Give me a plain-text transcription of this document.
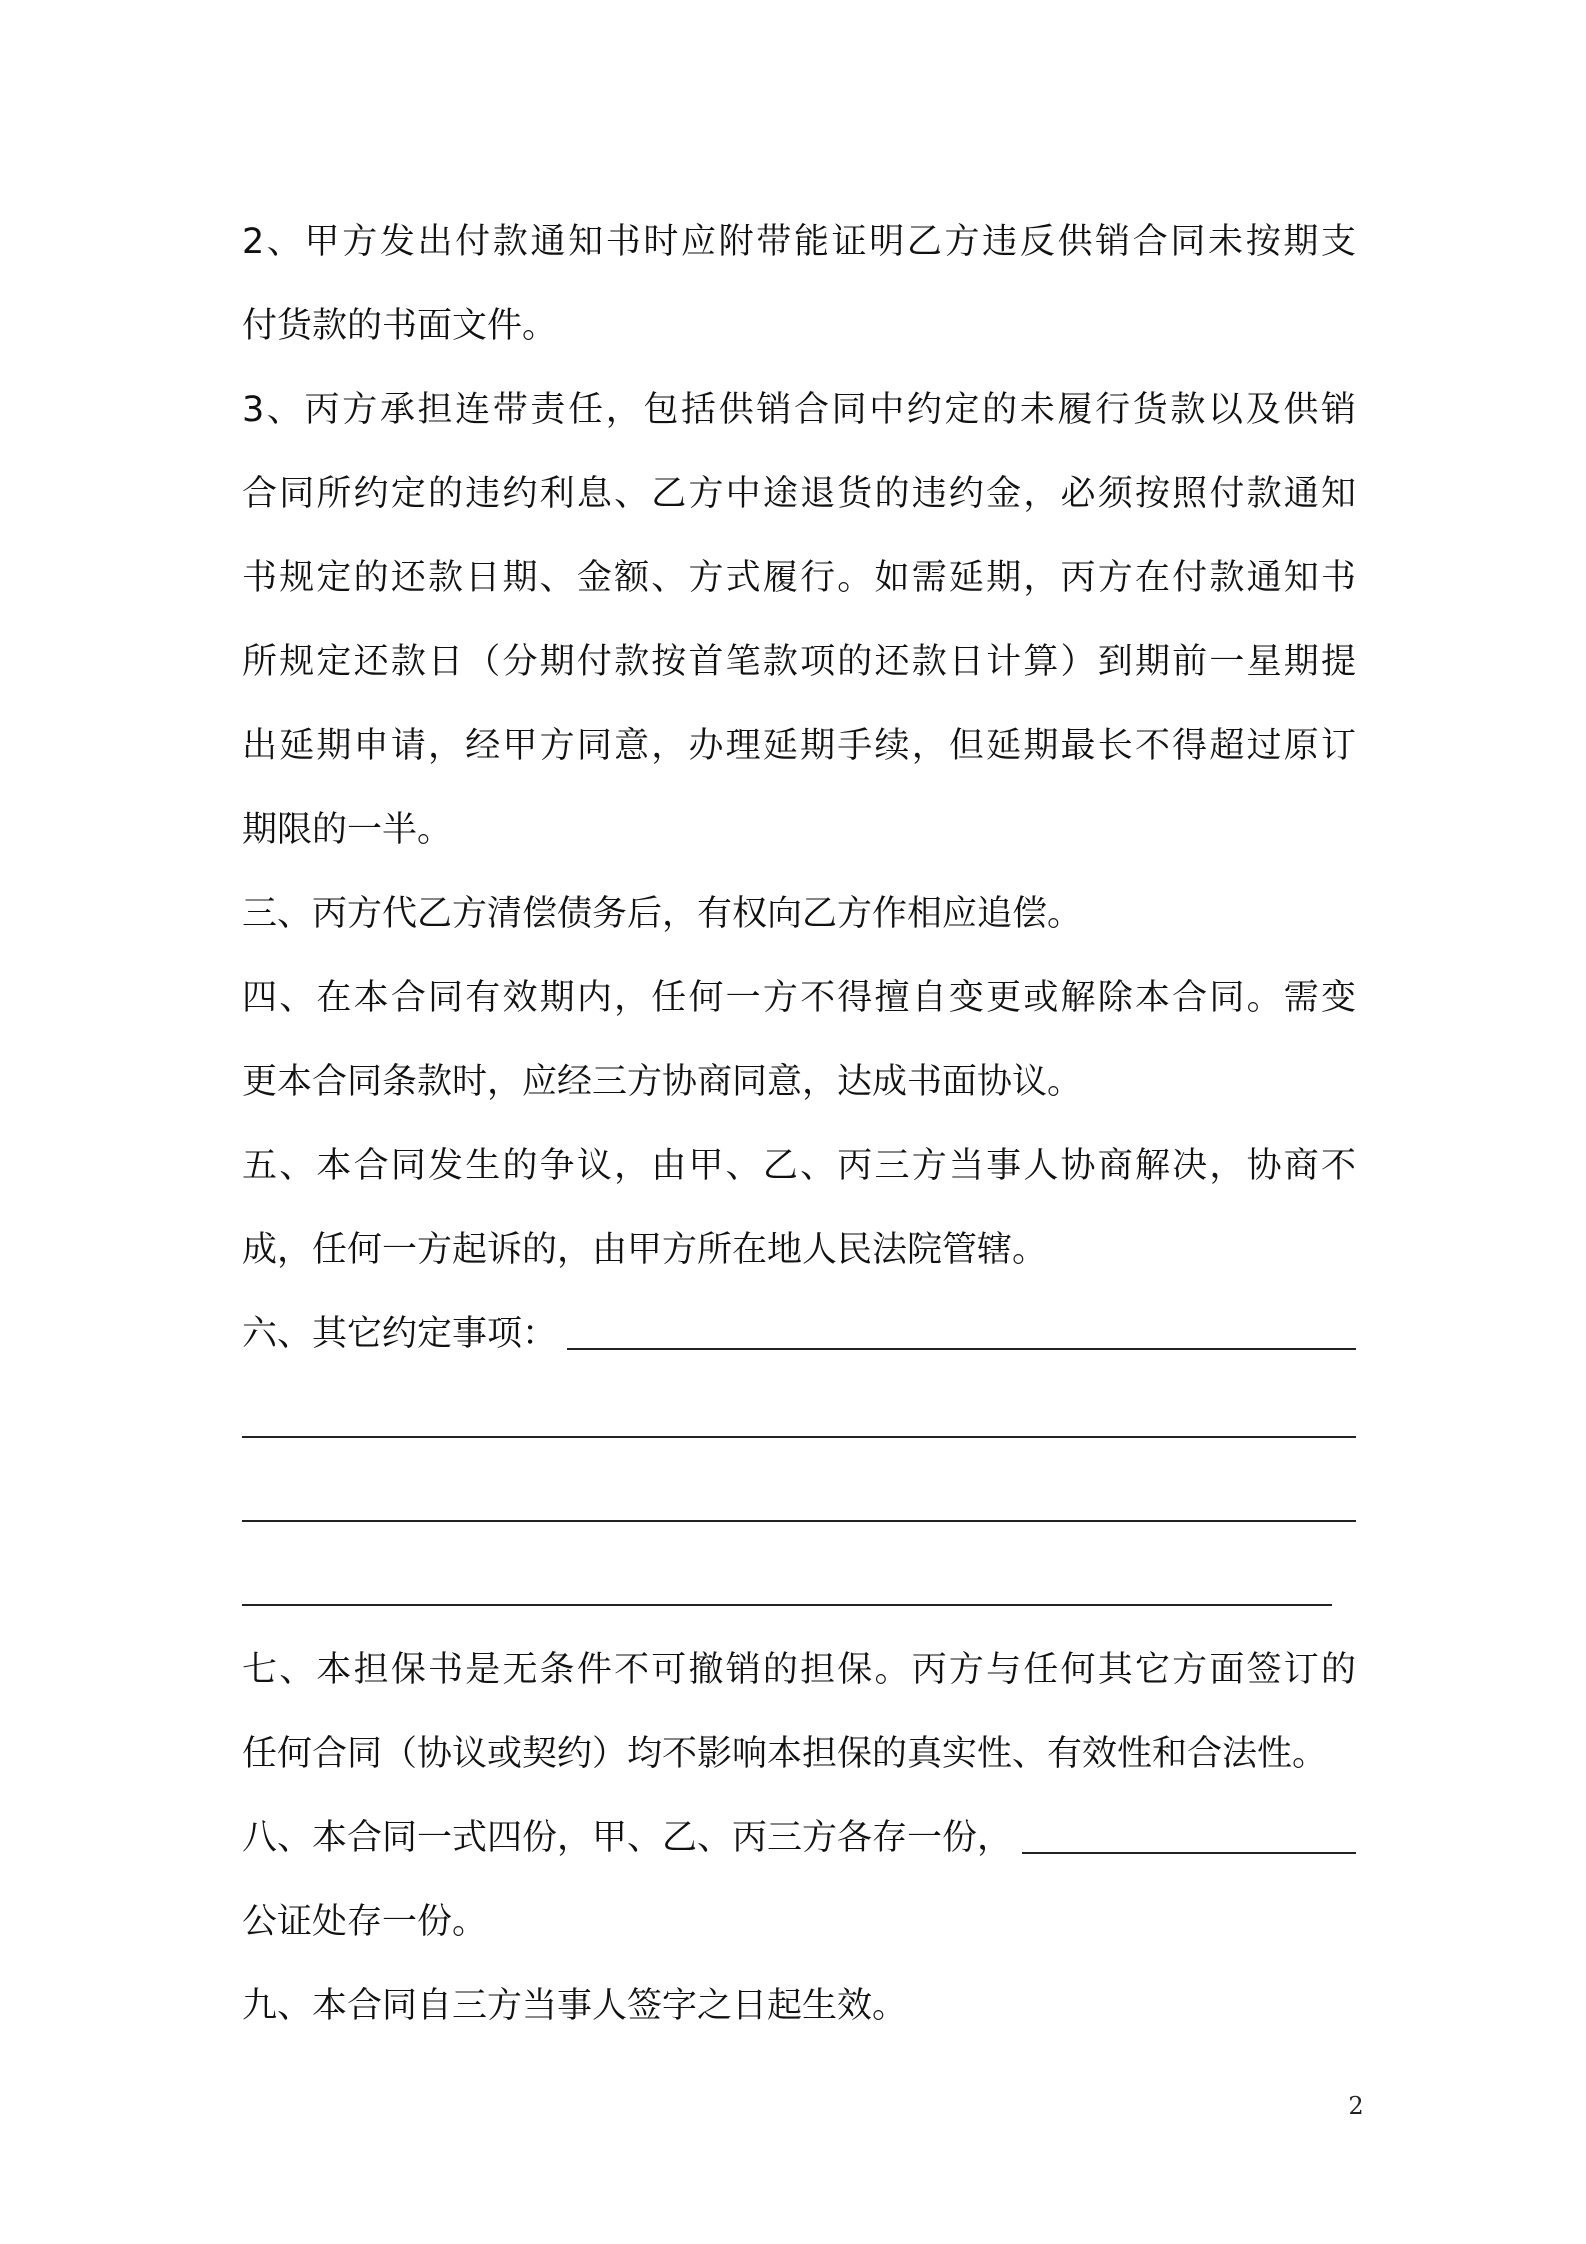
2、甲方发出付款通知书时应附带能证明乙方违反供销合同未按期支
付货款的书面文件。
3、丙方承担连带责任，包括供销合同中约定的未履行货款以及供销
合同所约定的违约利息、乙方中途退货的违约金，必须按照付款通知
书规定的还款日期、金额、方式履行。如需延期，丙方在付款通知书
所规定还款日（分期付款按首笔款项的还款日计算）到期前一星期提
出延期申请，经甲方同意，办理延期手续，但延期最长不得超过原订
期限的一半。
三、丙方代乙方清偿债务后，有权向乙方作相应追偿。
四、在本合同有效期内，任何一方不得擅自变更或解除本合同。需变
更本合同条款时，应经三方协商同意，达成书面协议。
五、本合同发生的争议，由甲、乙、丙三方当事人协商解决，协商不
成，任何一方起诉的，由甲方所在地人民法院管辖。
六、其它约定事项：
七、本担保书是无条件不可撤销的担保。丙方与任何其它方面签订的
任何合同（协议或契约）均不影响本担保的真实性、有效性和合法性。
八、本合同一式四份，甲、乙、丙三方各存一份，
公证处存一份。
九、本合同自三方当事人签字之日起生效。
2
